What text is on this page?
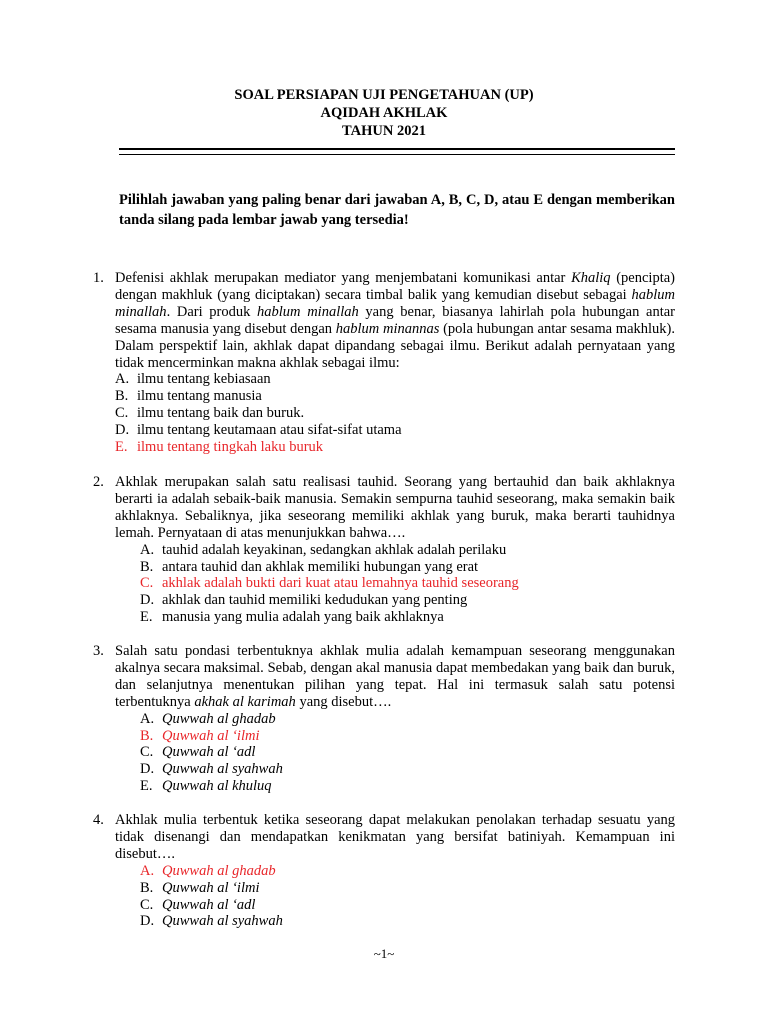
SOAL PERSIAPAN UJI PENGETAHUAN (UP)
AQIDAH AKHLAK
TAHUN 2021
Pilihlah jawaban yang paling benar dari jawaban A, B, C, D, atau E dengan memberikan tanda silang pada lembar jawab yang tersedia!
1. Defenisi akhlak merupakan mediator yang menjembatani komunikasi antar Khaliq (pencipta) dengan makhluk (yang diciptakan) secara timbal balik yang kemudian disebut sebagai hablum minallah. Dari produk hablum minallah yang benar, biasanya lahirlah pola hubungan antar sesama manusia yang disebut dengan hablum minannas (pola hubungan antar sesama makhluk). Dalam perspektif lain, akhlak dapat dipandang sebagai ilmu. Berikut adalah pernyataan yang tidak mencerminkan makna akhlak sebagai ilmu:
A. ilmu tentang kebiasaan
B. ilmu tentang manusia
C. ilmu tentang baik dan buruk.
D. ilmu tentang keutamaan atau sifat-sifat utama
E. ilmu tentang tingkah laku buruk
2. Akhlak merupakan salah satu realisasi tauhid. Seorang yang bertauhid dan baik akhlaknya berarti ia adalah sebaik-baik manusia. Semakin sempurna tauhid seseorang, maka semakin baik akhlaknya. Sebaliknya, jika seseorang memiliki akhlak yang buruk, maka berarti tauhidnya lemah. Pernyataan di atas menunjukkan bahwa….
A. tauhid adalah keyakinan, sedangkan akhlak adalah perilaku
B. antara tauhid dan akhlak memiliki hubungan yang erat
C. akhlak adalah bukti dari kuat atau lemahnya tauhid seseorang
D. akhlak dan tauhid memiliki kedudukan yang penting
E. manusia yang mulia adalah yang baik akhlaknya
3. Salah satu pondasi terbentuknya akhlak mulia adalah kemampuan seseorang menggunakan akalnya secara maksimal. Sebab, dengan akal manusia dapat membedakan yang baik dan buruk, dan selanjutnya menentukan pilihan yang tepat. Hal ini termasuk salah satu potensi terbentuknya akhak al karimah yang disebut….
A. Quwwah al ghadab
B. Quwwah al ‘ilmi
C. Quwwah al ‘adl
D. Quwwah al syahwah
E. Quwwah al khuluq
4. Akhlak mulia terbentuk ketika seseorang dapat melakukan penolakan terhadap sesuatu yang tidak disenangi dan mendapatkan kenikmatan yang bersifat batiniyah. Kemampuan ini disebut….
A. Quwwah al ghadab
B. Quwwah al ‘ilmi
C. Quwwah al ‘adl
D. Quwwah al syahwah
~1~
